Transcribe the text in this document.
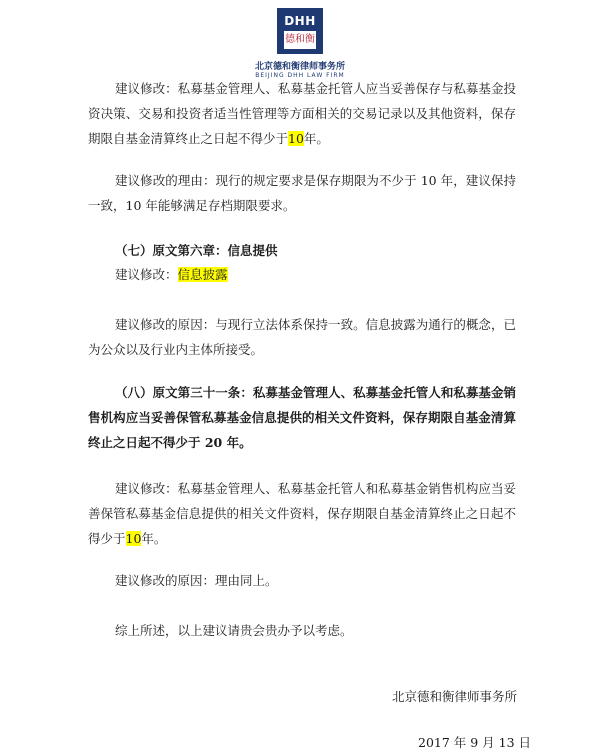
DHH
德和衡
北京德和衡律师事务所
BEIJING DHH LAW FIRM

建议修改：私募基金管理人、私募基金托管人应当妥善保存与私募基金投资决策、交易和投资者适当性管理等方面相关的交易记录以及其他资料，保存期限自基金清算终止之日起不得少于10年。

建议修改的理由：现行的规定要求是保存期限为不少于 10 年，建议保持一致，10 年能够满足存档期限要求。

（七）原文第六章：信息提供

建议修改：信息披露

建议修改的原因：与现行立法体系保持一致。信息披露为通行的概念，已为公众以及行业内主体所接受。

（八）原文第三十一条：私募基金管理人、私募基金托管人和私募基金销售机构应当妥善保管私募基金信息提供的相关文件资料，保存期限自基金清算终止之日起不得少于 20 年。

建议修改：私募基金管理人、私募基金托管人和私募基金销售机构应当妥善保管私募基金信息提供的相关文件资料，保存期限自基金清算终止之日起不得少于10年。

建议修改的原因：理由同上。

综上所述，以上建议请贵会贵办予以考虑。

北京德和衡律师事务所
2017 年 9 月 13 日
